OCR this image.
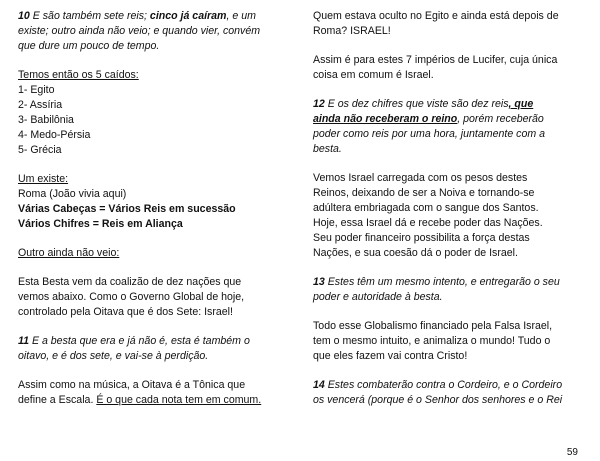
10 E são também sete reis; cinco já caíram, e um
existe; outro ainda não veio; e quando vier, convém
que dure um pouco de tempo.
Temos então os 5 caídos:
1- Egito
2- Assíria
3- Babilônia
4- Medo-Pérsia
5- Grécia
Um existe:
Roma (João vivia aqui)
Várias Cabeças = Vários Reis em sucessão
Vários Chifres = Reis em Aliança
Outro ainda não veio:
Esta Besta vem da coalizão de dez nações que
vemos abaixo. Como o Governo Global de hoje,
controlado pela Oitava que é dos Sete: Israel!
11 E a besta que era e já não é, esta é também o
oitavo, e é dos sete, e vai-se à perdição.
Assim como na música, a Oitava é a Tônica que
define a Escala. É o que cada nota tem em comum.
Quem estava oculto no Egito e ainda está depois de
Roma? ISRAEL!
Assim é para estes 7 impérios de Lucifer, cuja única
coisa em comum é Israel.
12 E os dez chifres que viste são dez reis, que
ainda não receberam o reino, porém receberão
poder como reis por uma hora, juntamente com a
besta.
Vemos Israel carregada com os pesos destes
Reinos, deixando de ser a Noiva e tornando-se
adúltera embriagada com o sangue dos Santos.
Hoje, essa Israel dá e recebe poder das Nações.
Seu poder financeiro possibilita a força destas
Nações, e sua coesão dá o poder de Israel.
13 Estes têm um mesmo intento, e entregarão o seu
poder e autoridade à besta.
Todo esse Globalismo financiado pela Falsa Israel,
tem o mesmo intuito, e animaliza o mundo! Tudo o
que eles fazem vai contra Cristo!
14 Estes combaterão contra o Cordeiro, e o Cordeiro
os vencerá (porque é o Senhor dos senhores e o Rei
59
